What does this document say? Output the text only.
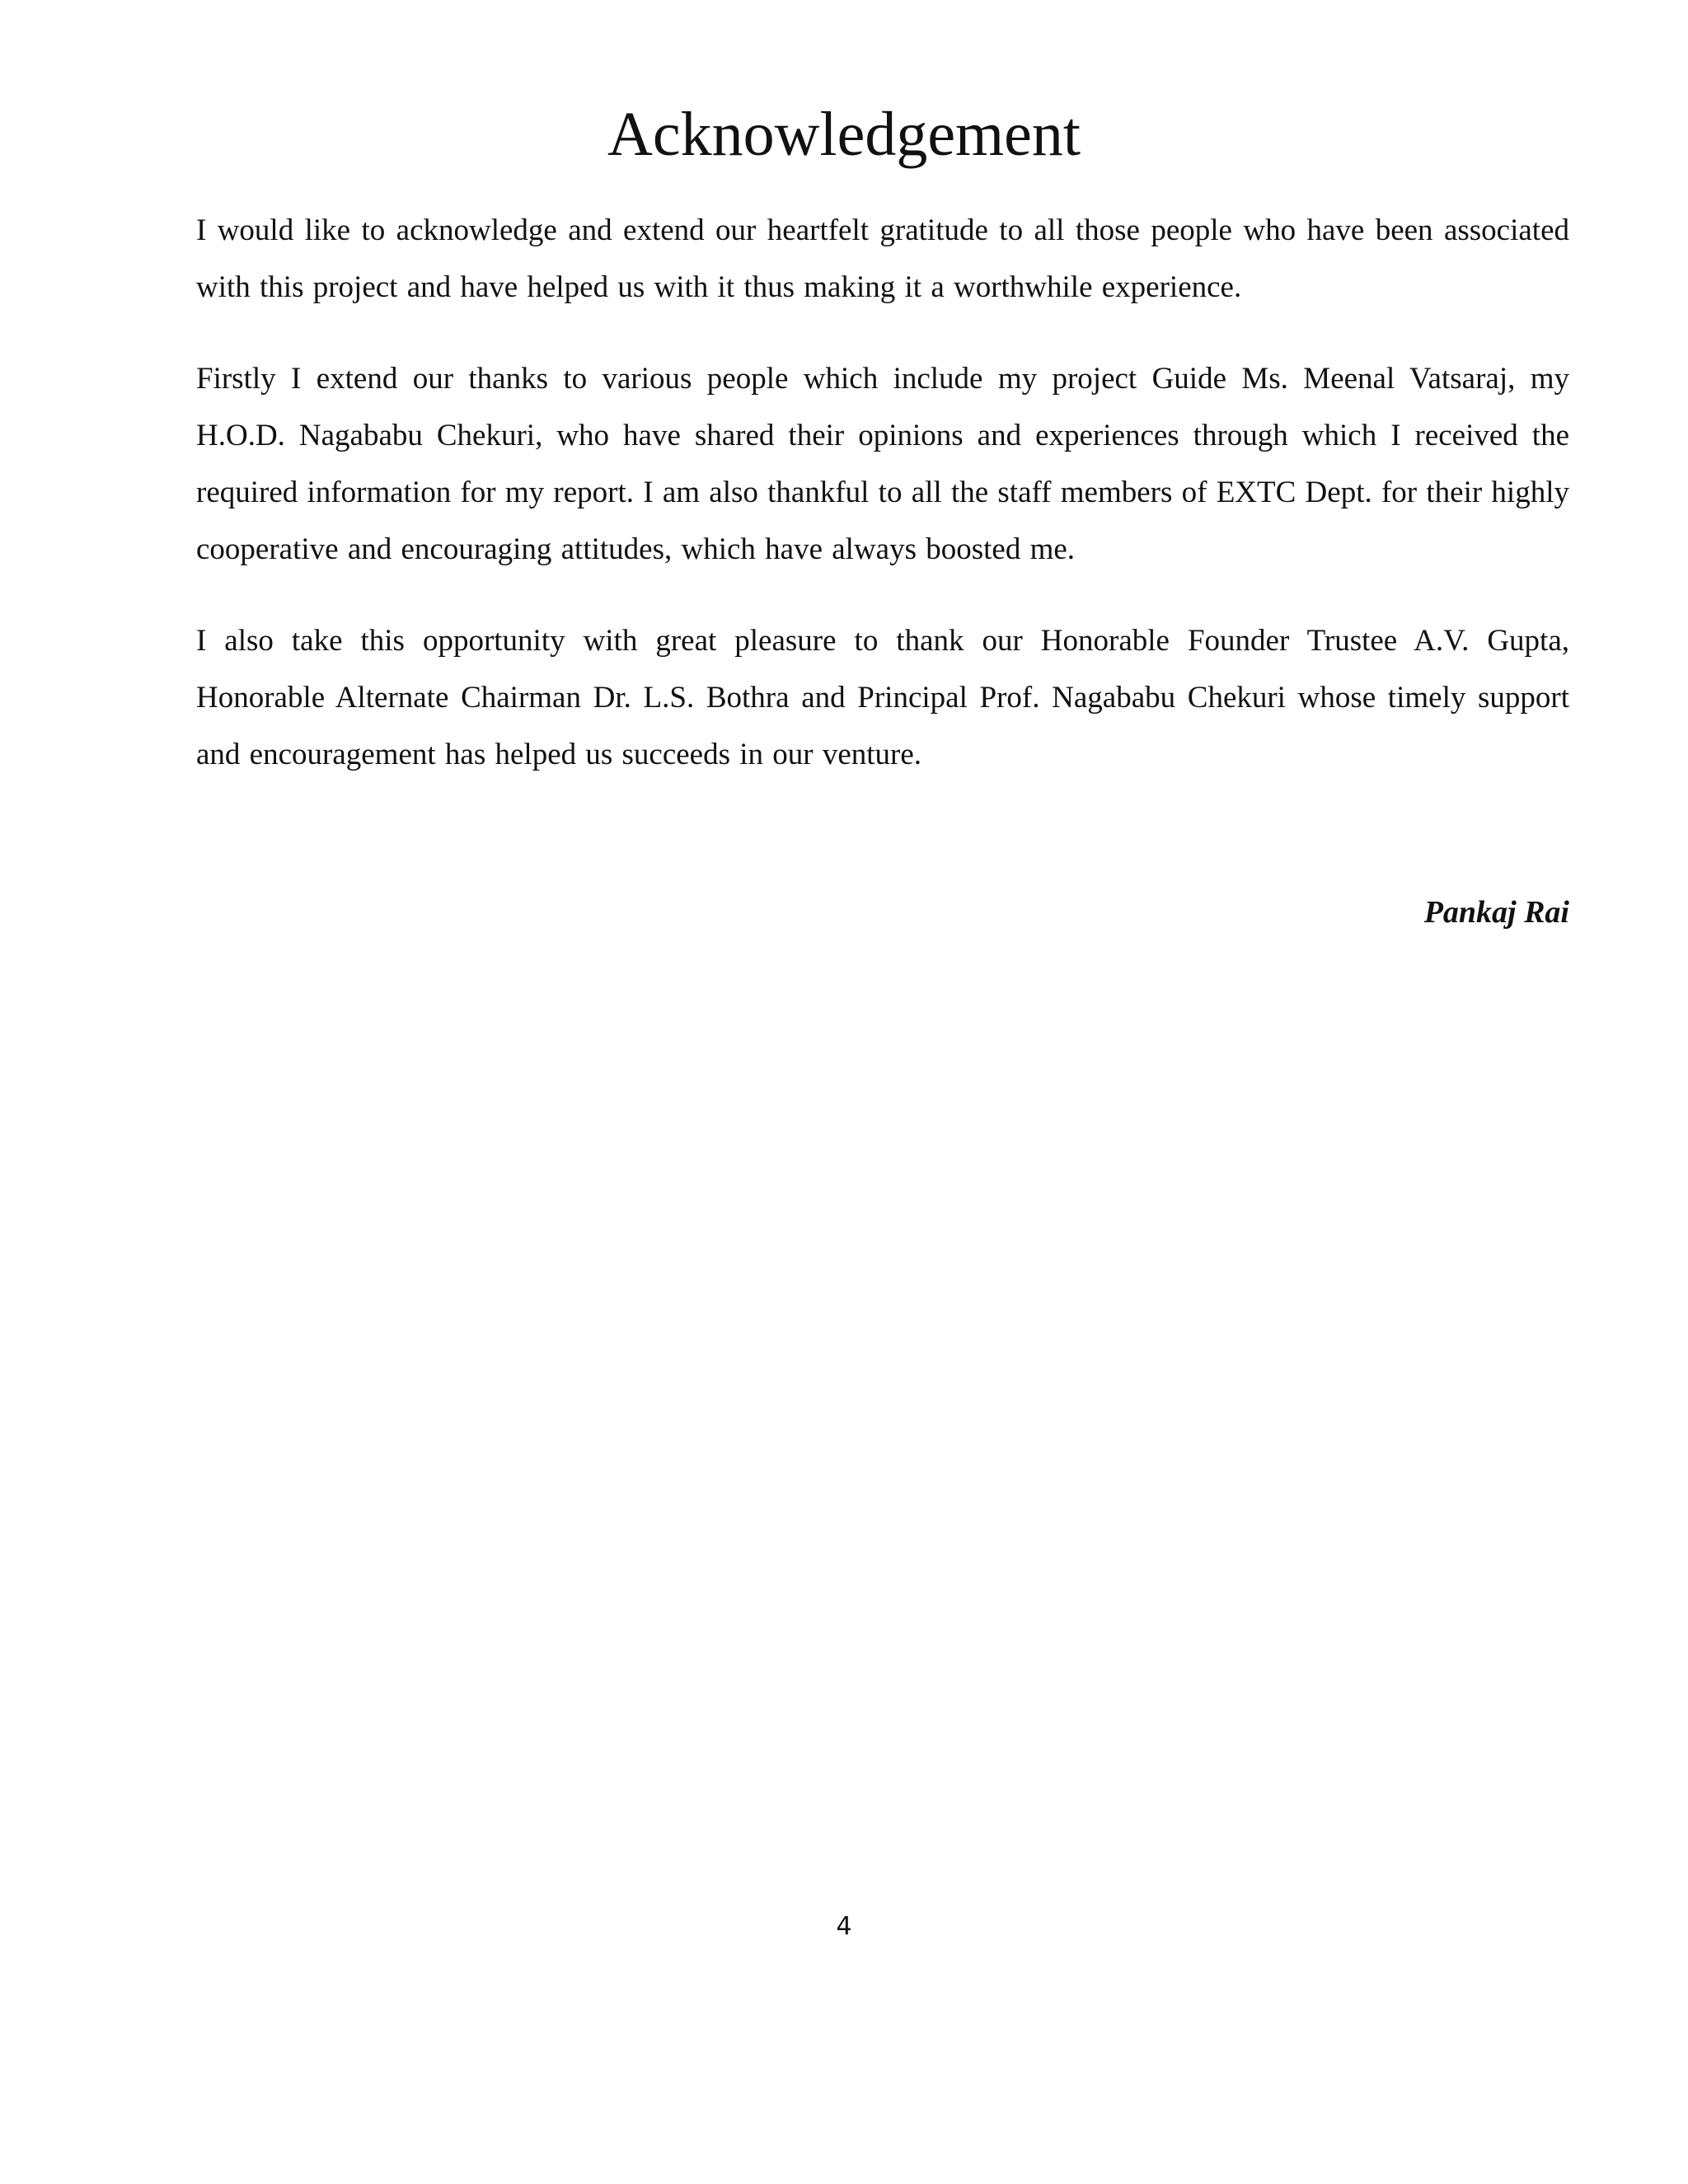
Acknowledgement

I would like to acknowledge and extend our heartfelt gratitude to all those people who have been associated with this project and have helped us with it thus making it a worthwhile experience.

Firstly I extend our thanks to various people which include my project Guide Ms. Meenal Vatsaraj, my H.O.D. Nagababu Chekuri, who have shared their opinions and experiences through which I received the required information for my report. I am also thankful to all the staff members of EXTC Dept. for their highly cooperative and encouraging attitudes, which have always boosted me.

I also take this opportunity with great pleasure to thank our Honorable Founder Trustee A.V. Gupta, Honorable Alternate Chairman Dr. L.S. Bothra and Principal Prof. Nagababu Chekuri whose timely support and encouragement has helped us succeeds in our venture.

Pankaj Rai

4
